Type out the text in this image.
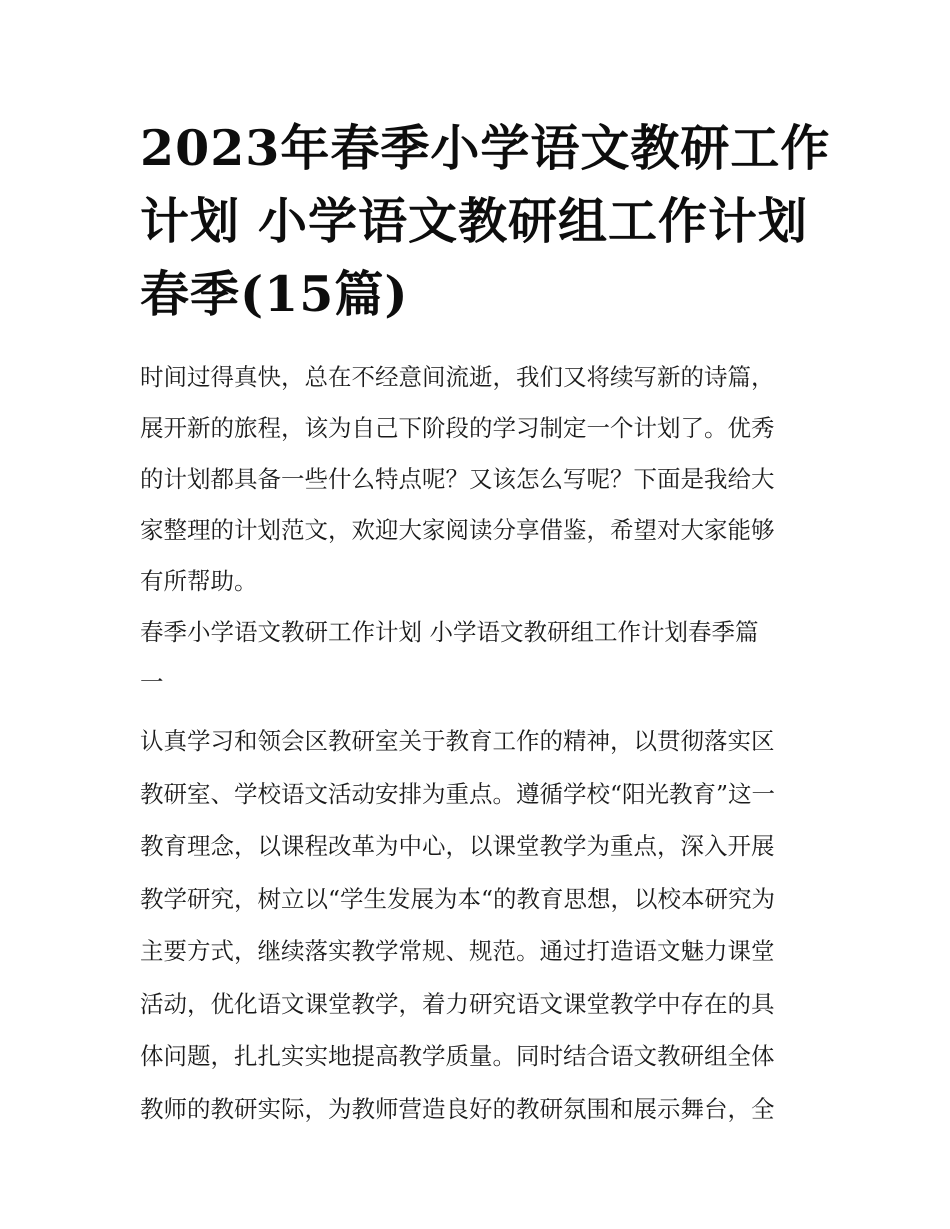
2023年春季小学语文教研工作
计划 小学语文教研组工作计划
春季(15篇)

时间过得真快，总在不经意间流逝，我们又将续写新的诗篇，
展开新的旅程，该为自己下阶段的学习制定一个计划了。优秀
的计划都具备一些什么特点呢？又该怎么写呢？下面是我给大
家整理的计划范文，欢迎大家阅读分享借鉴，希望对大家能够
有所帮助。

春季小学语文教研工作计划 小学语文教研组工作计划春季篇
一

认真学习和领会区教研室关于教育工作的精神，以贯彻落实区
教研室、学校语文活动安排为重点。遵循学校“阳光教育”这一
教育理念，以课程改革为中心，以课堂教学为重点，深入开展
教学研究，树立以“学生发展为本“的教育思想，以校本研究为
主要方式，继续落实教学常规、规范。通过打造语文魅力课堂
活动，优化语文课堂教学，着力研究语文课堂教学中存在的具
体问题，扎扎实实地提高教学质量。同时结合语文教研组全体
教师的教研实际，为教师营造良好的教研氛围和展示舞台，全
